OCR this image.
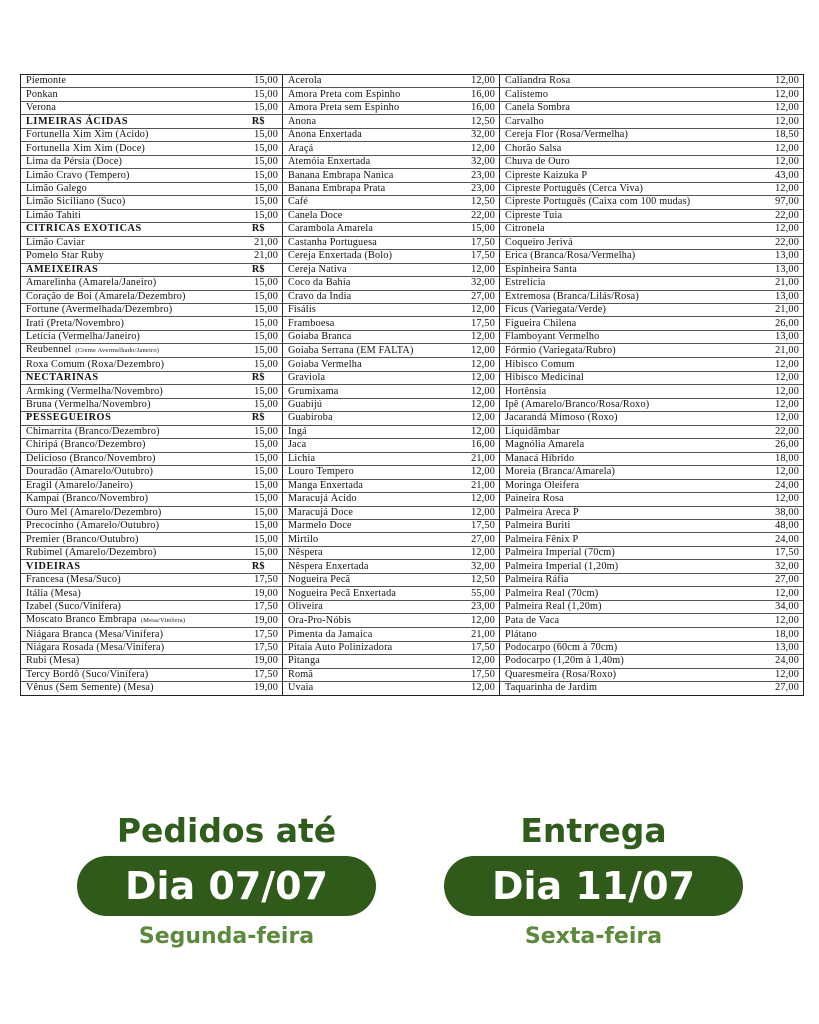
Piemonte	15,00	Acerola	12,00	Caliandra Rosa	12,00
Ponkan	15,00	Amora Preta com Espinho	16,00	Calistemo	12,00
Verona	15,00	Amora Preta sem Espinho	16,00	Canela Sombra	12,00
LIMEIRAS ÁCIDAS	R$	Anona	12,50	Carvalho	12,00
Fortunella Xim Xim (Ácido)	15,00	Anona Enxertada	32,00	Cereja Flor (Rosa/Vermelha)	18,50
Fortunella Xim Xim (Doce)	15,00	Araçá	12,00	Chorão Salsa	12,00
Lima da Pérsia (Doce)	15,00	Atemóia Enxertada	32,00	Chuva de Ouro	12,00
Limão Cravo (Tempero)	15,00	Banana Embrapa Nanica	23,00	Cipreste Kaizuka P	43,00
Limão Galego	15,00	Banana Embrapa Prata	23,00	Cipreste Português (Cerca Viva)	12,00
Limão Siciliano (Suco)	15,00	Café	12,50	Cipreste Português (Caixa com 100 mudas)	97,00
Limão Tahiti	15,00	Canela Doce	22,00	Cipreste Tuia	22,00
CITRÍCAS EXÓTICAS	R$	Carambola Amarela	15,00	Citronela	12,00
Limão Caviar	21,00	Castanha Portuguesa	17,50	Coqueiro Jerivá	22,00
Pomelo Star Ruby	21,00	Cereja Enxertada (Bolo)	17,50	Erica (Branca/Rosa/Vermelha)	13,00
AMEIXEIRAS	R$	Cereja Nativa	12,00	Espinheira Santa	13,00
Amarelinha (Amarela/Janeiro)	15,00	Coco da Bahia	32,00	Estrelícia	21,00
Coração de Boi (Amarela/Dezembro)	15,00	Cravo da Índia	27,00	Extremosa (Branca/Lilás/Rosa)	13,00
Fortune (Avermelhada/Dezembro)	15,00	Fisális	12,00	Ficus (Variegata/Verde)	21,00
Irati (Preta/Novembro)	15,00	Framboesa	17,50	Figueira Chilena	26,00
Letícia (Vermelha/Janeiro)	15,00	Goiaba Branca	12,00	Flamboyant Vermelho	13,00
Reubennel (Creme Avermelhado/Janeiro)	15,00	Goiaba Serrana (EM FALTA)	12,00	Fórmio (Variegata/Rubro)	21,00
Roxa Comum (Roxa/Dezembro)	15,00	Goiaba Vermelha	12,00	Hibisco Comum	12,00
NECTARINAS	R$	Graviola	12,00	Hibisco Medicinal	12,00
Armking (Vermelha/Novembro)	15,00	Grumixama	12,00	Hortênsia	12,00
Bruna (Vermelha/Novembro)	15,00	Guabijú	12,00	Ipê (Amarelo/Branco/Rosa/Roxo)	12,00
PESSEGUEIROS	R$	Guabiroba	12,00	Jacarandá Mimoso (Roxo)	12,00
Chimarrita (Branco/Dezembro)	15,00	Ingá	12,00	Liquidâmbar	22,00
Chiripá (Branco/Dezembro)	15,00	Jaca	16,00	Magnólia Amarela	26,00
Delicioso (Branco/Novembro)	15,00	Lichia	21,00	Manacá Híbrido	18,00
Douradão (Amarelo/Outubro)	15,00	Louro Tempero	12,00	Moreia (Branca/Amarela)	12,00
Eragil (Amarelo/Janeiro)	15,00	Manga Enxertada	21,00	Moringa Oleifera	24,00
Kampai (Branco/Novembro)	15,00	Maracujá Ácido	12,00	Paineira Rosa	12,00
Ouro Mel (Amarelo/Dezembro)	15,00	Maracujá Doce	12,00	Palmeira Areca P	38,00
Precocinho (Amarelo/Outubro)	15,00	Marmelo Doce	17,50	Palmeira Buriti	48,00
Premier (Branco/Outubro)	15,00	Mirtilo	27,00	Palmeira Fênix P	24,00
Rubimel (Amarelo/Dezembro)	15,00	Nêspera	12,00	Palmeira Imperial (70cm)	17,50
VIDEIRAS	R$	Nêspera Enxertada	32,00	Palmeira Imperial (1,20m)	32,00
Francesa (Mesa/Suco)	17,50	Nogueira Pecã	12,50	Palmeira Ráfia	27,00
Itália (Mesa)	19,00	Nogueira Pecã Enxertada	55,00	Palmeira Real (70cm)	12,00
Izabel (Suco/Vinífera)	17,50	Oliveira	23,00	Palmeira Real (1,20m)	34,00
Moscato Branco Embrapa (Mesa/Vinífera)	19,00	Ora-Pro-Nóbis	12,00	Pata de Vaca	12,00
Niágara Branca (Mesa/Vinífera)	17,50	Pimenta da Jamaica	21,00	Plátano	18,00
Niágara Rosada (Mesa/Vinífera)	17,50	Pitaia Auto Polinizadora	17,50	Podocarpo (60cm à 70cm)	13,00
Rubi (Mesa)	19,00	Pitanga	12,00	Podocarpo (1,20m à 1,40m)	24,00
Tercy Bordô (Suco/Vinífera)	17,50	Romã	17,50	Quaresmeira (Rosa/Roxo)	12,00
Vênus (Sem Semente) (Mesa)	19,00	Uvaia	12,00	Taquarinha de Jardim	27,00

Pedidos até

Dia 07/07
Segunda-feira

Entrega

Dia 11/07
Sexta-feira
